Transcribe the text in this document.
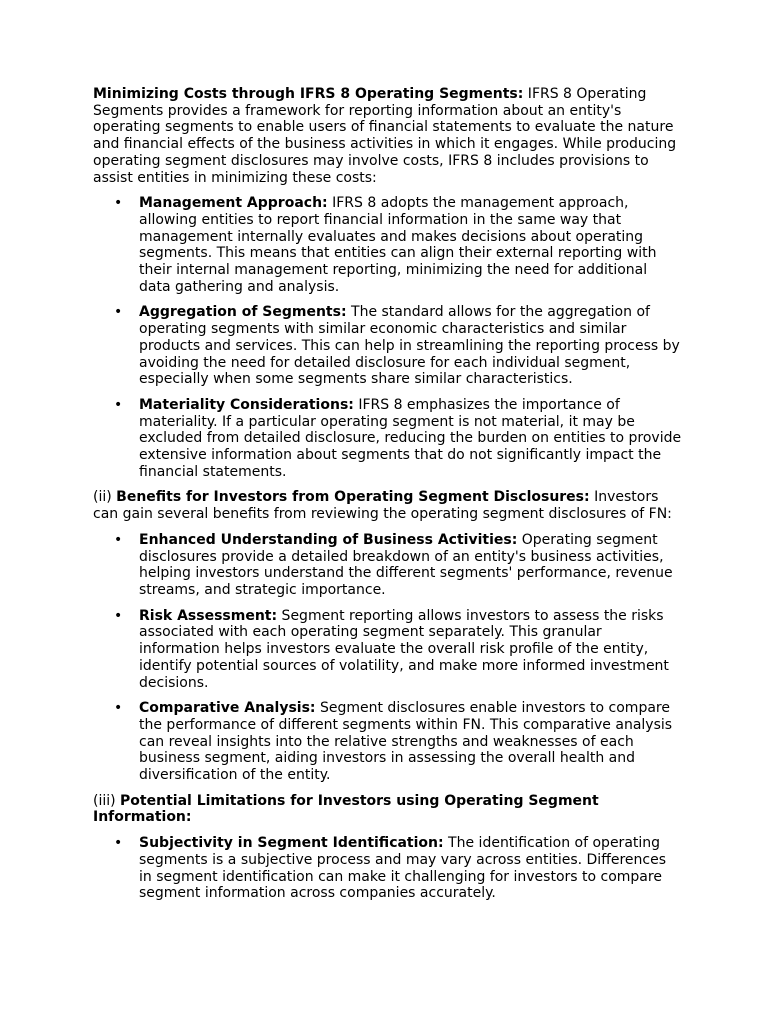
Minimizing Costs through IFRS 8 Operating Segments: IFRS 8 Operating Segments provides a framework for reporting information about an entity's operating segments to enable users of financial statements to evaluate the nature and financial effects of the business activities in which it engages. While producing operating segment disclosures may involve costs, IFRS 8 includes provisions to assist entities in minimizing these costs:

• Management Approach: IFRS 8 adopts the management approach, allowing entities to report financial information in the same way that management internally evaluates and makes decisions about operating segments. This means that entities can align their external reporting with their internal management reporting, minimizing the need for additional data gathering and analysis.
• Aggregation of Segments: The standard allows for the aggregation of operating segments with similar economic characteristics and similar products and services. This can help in streamlining the reporting process by avoiding the need for detailed disclosure for each individual segment, especially when some segments share similar characteristics.
• Materiality Considerations: IFRS 8 emphasizes the importance of materiality. If a particular operating segment is not material, it may be excluded from detailed disclosure, reducing the burden on entities to provide extensive information about segments that do not significantly impact the financial statements.

(ii) Benefits for Investors from Operating Segment Disclosures: Investors can gain several benefits from reviewing the operating segment disclosures of FN:

• Enhanced Understanding of Business Activities: Operating segment disclosures provide a detailed breakdown of an entity's business activities, helping investors understand the different segments' performance, revenue streams, and strategic importance.
• Risk Assessment: Segment reporting allows investors to assess the risks associated with each operating segment separately. This granular information helps investors evaluate the overall risk profile of the entity, identify potential sources of volatility, and make more informed investment decisions.
• Comparative Analysis: Segment disclosures enable investors to compare the performance of different segments within FN. This comparative analysis can reveal insights into the relative strengths and weaknesses of each business segment, aiding investors in assessing the overall health and diversification of the entity.

(iii) Potential Limitations for Investors using Operating Segment Information:

• Subjectivity in Segment Identification: The identification of operating segments is a subjective process and may vary across entities. Differences in segment identification can make it challenging for investors to compare segment information across companies accurately.
